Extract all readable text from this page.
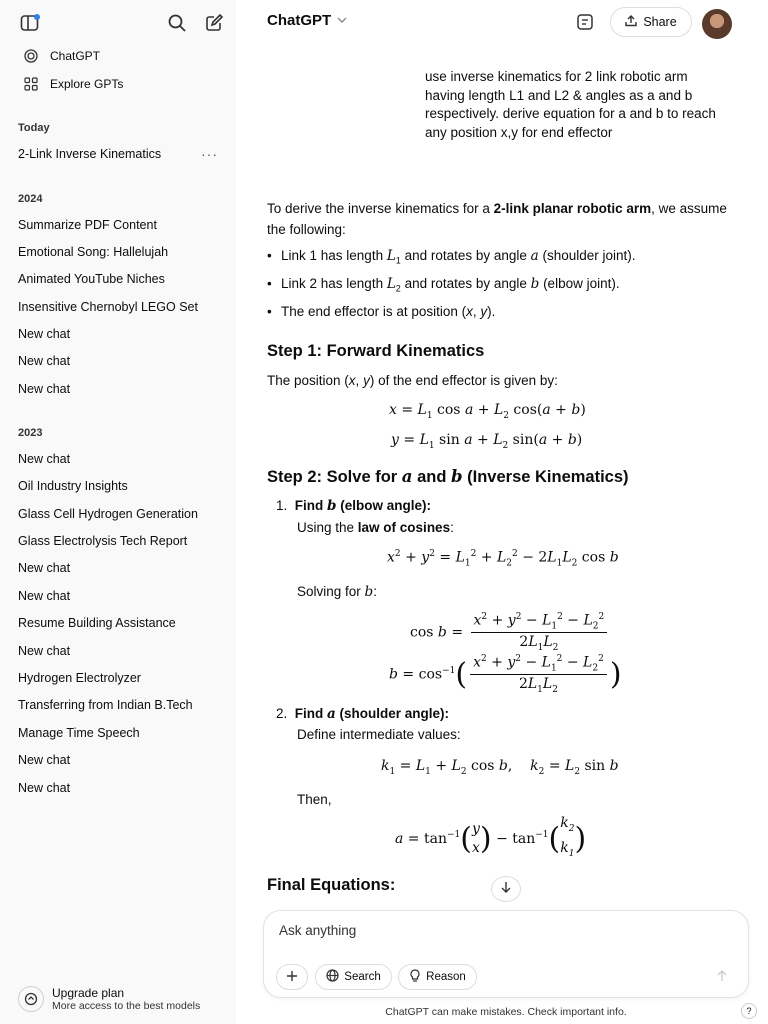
ChatGPT
Explore GPTs
Today
2-Link Inverse Kinematics	···
2024
Summarize PDF Content
Emotional Song: Hallelujah
Animated YouTube Niches
Insensitive Chernobyl LEGO Set
New chat
New chat
New chat
2023
New chat
Oil Industry Insights
Glass Cell Hydrogen Generation
Glass Electrolysis Tech Report
New chat
New chat
Resume Building Assistance
New chat
Hydrogen Electrolyzer
Transferring from Indian B.Tech
Manage Time Speech
New chat
New chat
Upgrade plan
More access to the best models
ChatGPT	Share
use inverse kinematics for 2 link robotic arm having length L1 and L2 & angles as a and b respectively. derive equation for a and b to reach any position x,y for end effector
To derive the inverse kinematics for a 2-link planar robotic arm, we assume the following:
• Link 1 has length $L_1$ and rotates by angle a (shoulder joint).
• Link 2 has length $L_2$ and rotates by angle b (elbow joint).
• The end effector is at position (x, y).
Step 1: Forward Kinematics
The position (x, y) of the end effector is given by:
$x = L_1$ $\cos a + L_2$ cos(a + b)
$y = L_1$ $\sin a + L_2$ sin(a + b)
Step 2: Solve for a and b (Inverse Kinematics)
1.  Find b (elbow angle):
Using the law of cosines:
$x^2 + y^2 = L_1^2 + L_2^2 - 2L_1L_2$ cos b
Solving for b:
$\cos b = \frac{x^2 + y^2 - L_1^2 - L_2^2}{2L_1L_2}$
$b = \cos^{-1}( \frac{x^2 + y^2 - L_1^2 - L_2^2}{2L_1L_2}$ )
2.  Find a (shoulder angle):
Define intermediate values:
$k_1 = L_1 + L_2$ cos b,    $k_2 = L_2$ sin b
Then,
$a = \tan^{-1}$( y
x ) − $\tan^{-1}$( $k_2$
$k_1$ )
Final Equations:
Ask anything
Search	Reason
ChatGPT can make mistakes. Check important info.	?
